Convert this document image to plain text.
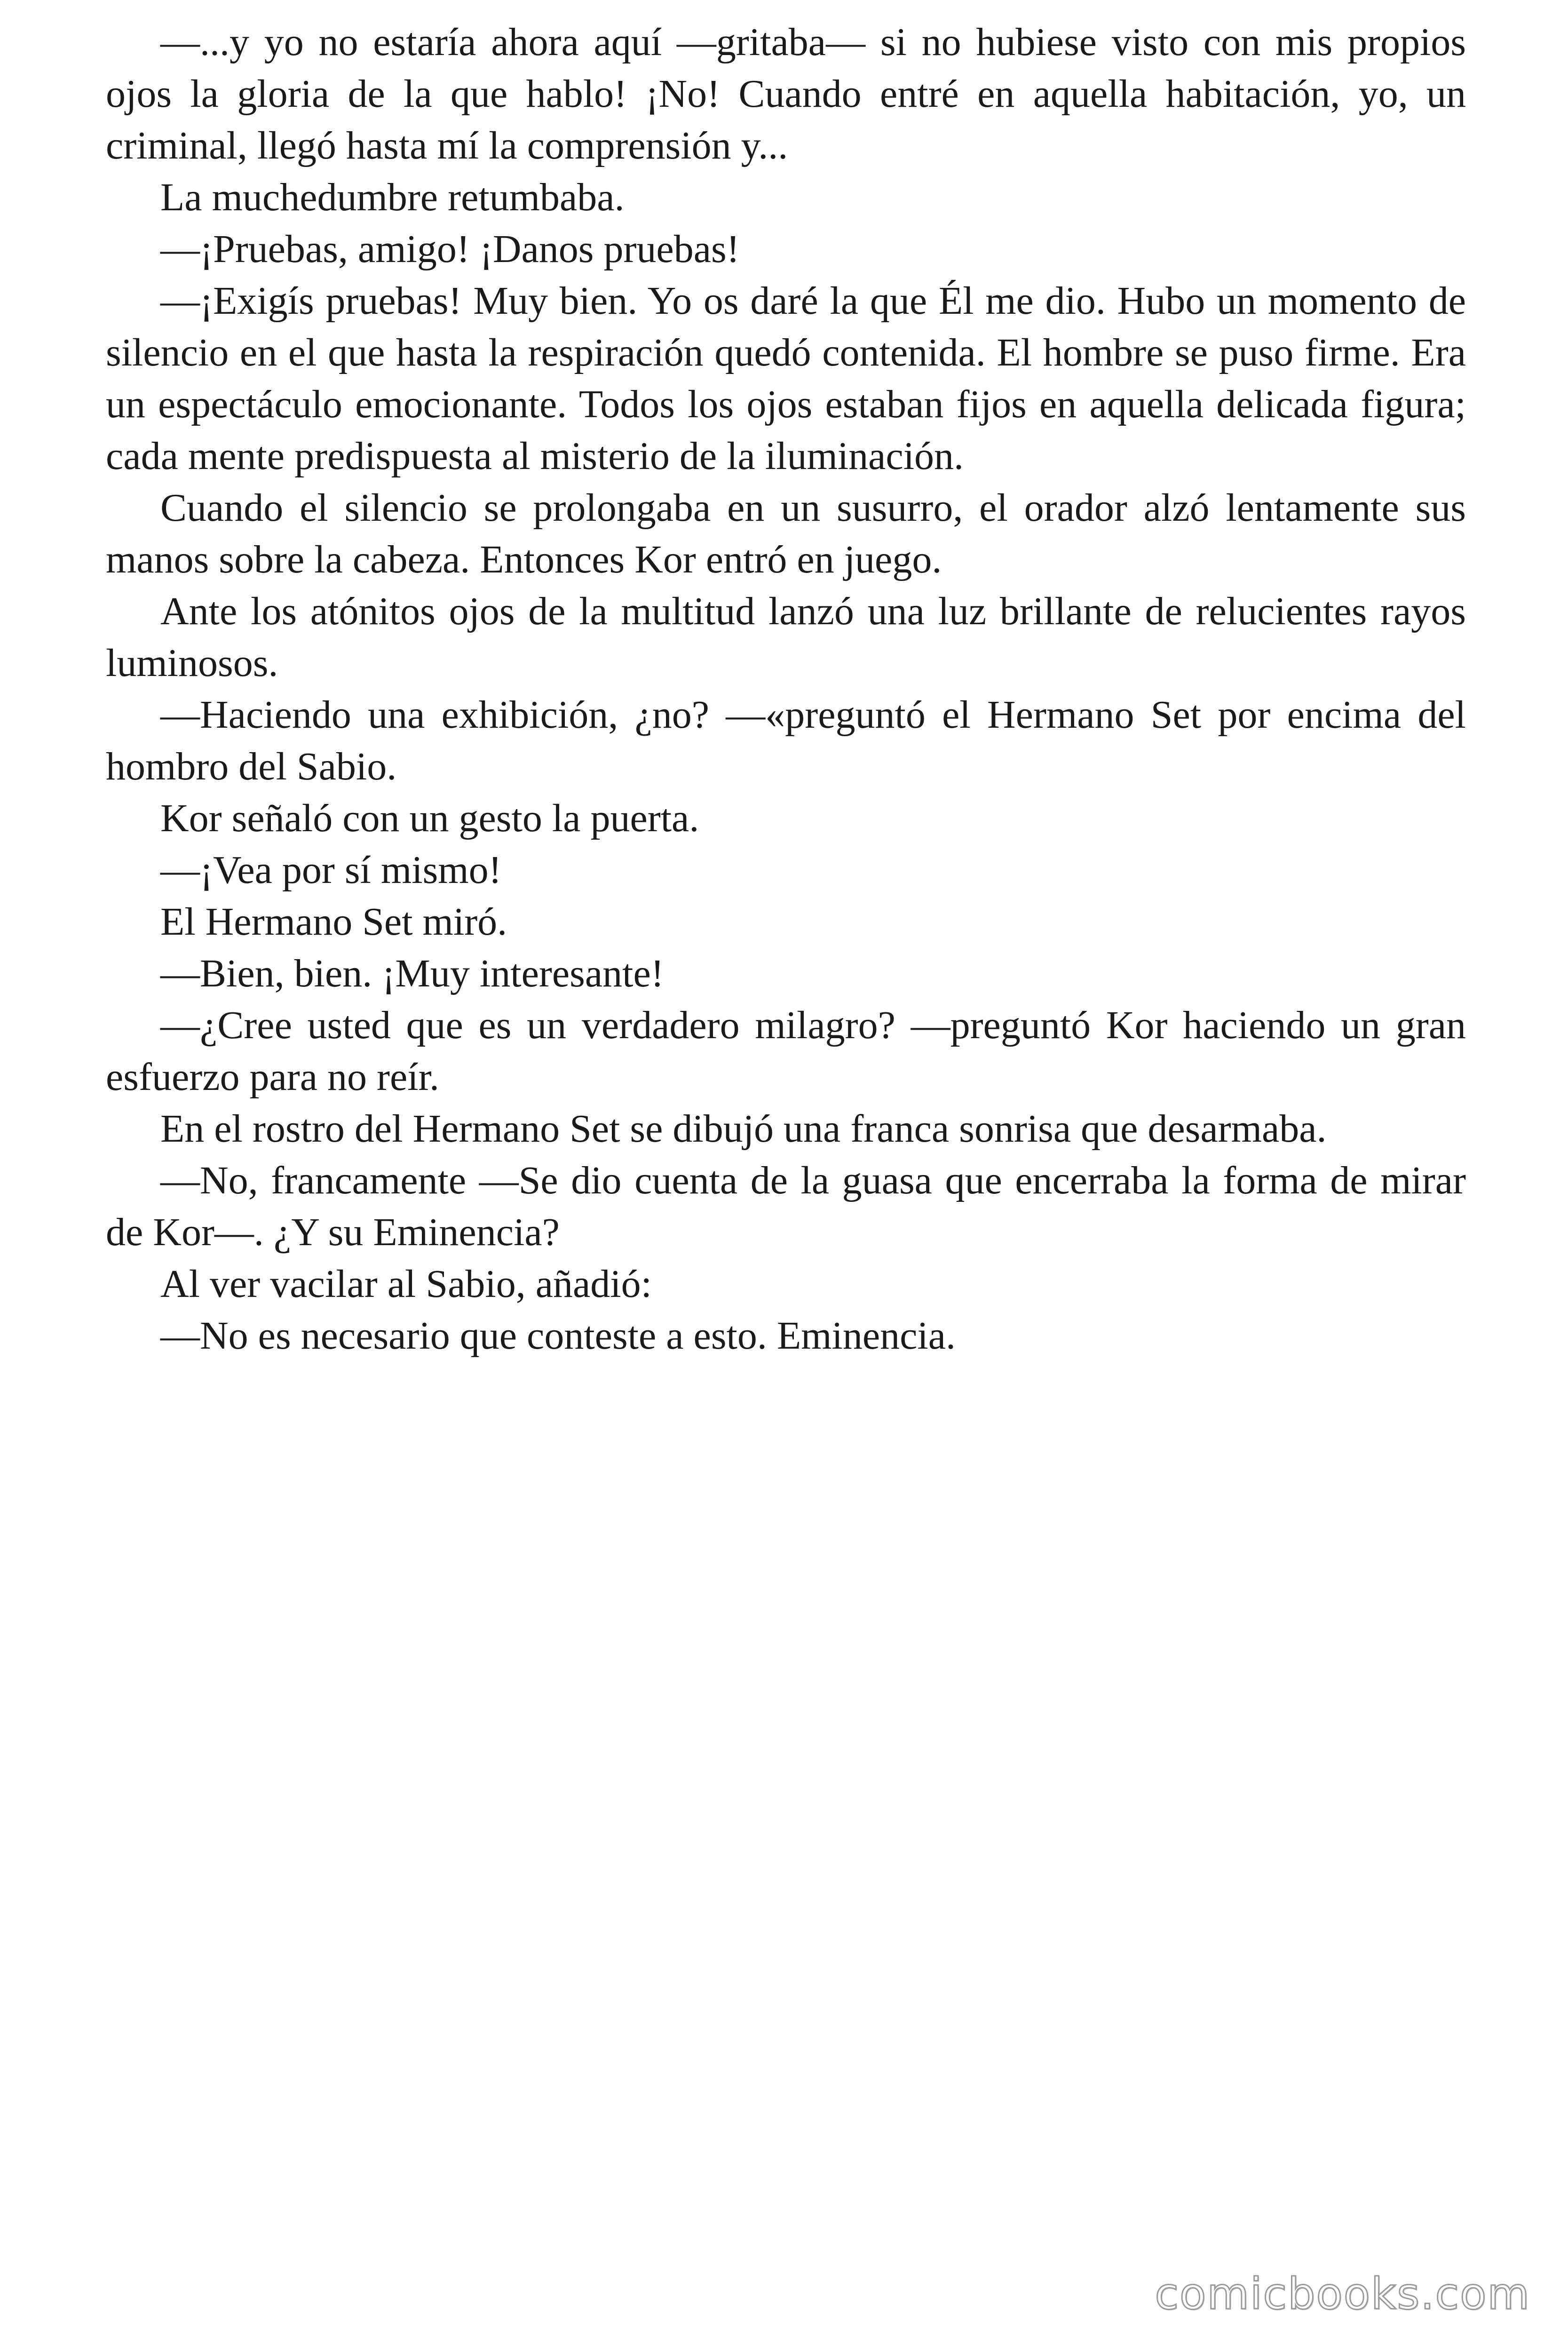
—...y yo no estaría ahora aquí —gritaba— si no hubiese visto con mis propios ojos la gloria de la que hablo! ¡No! Cuando entré en aquella habitación, yo, un criminal, llegó hasta mí la comprensión y...

La muchedumbre retumbaba.

—¡Pruebas, amigo! ¡Danos pruebas!

—¡Exigís pruebas! Muy bien. Yo os daré la que Él me dio. Hubo un momento de silencio en el que hasta la respiración quedó contenida. El hombre se puso firme. Era un espectáculo emocionante. Todos los ojos estaban fijos en aquella delicada figura; cada mente predispuesta al misterio de la iluminación.

Cuando el silencio se prolongaba en un susurro, el orador alzó lentamente sus manos sobre la cabeza. Entonces Kor entró en juego.

Ante los atónitos ojos de la multitud lanzó una luz brillante de relucientes rayos luminosos.

—Haciendo una exhibición, ¿no? —«preguntó el Hermano Set por encima del hombro del Sabio.

Kor señaló con un gesto la puerta.

—¡Vea por sí mismo!

El Hermano Set miró.

—Bien, bien. ¡Muy interesante!

—¿Cree usted que es un verdadero milagro? —preguntó Kor haciendo un gran esfuerzo para no reír.

En el rostro del Hermano Set se dibujó una franca sonrisa que desarmaba.

—No, francamente —Se dio cuenta de la guasa que encerraba la forma de mirar de Kor—. ¿Y su Eminencia?

Al ver vacilar al Sabio, añadió:

—No es necesario que conteste a esto. Eminencia.

comicbooks.com
